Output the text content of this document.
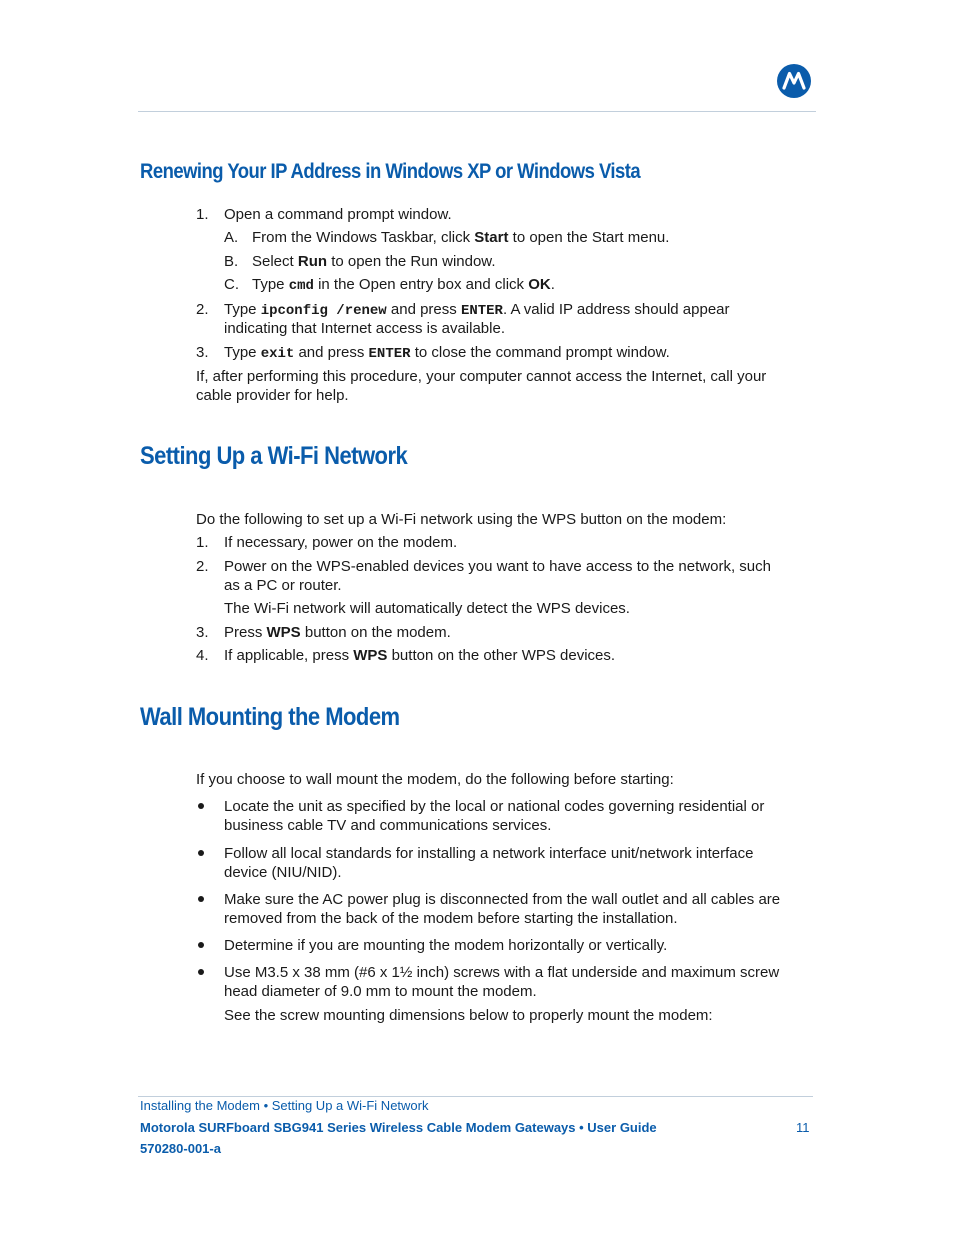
Renewing Your IP Address in Windows XP or Windows Vista
1. Open a command prompt window.

A. From the Windows Taskbar, click Start to open the Start menu.

B. Select Run to open the Run window.

C. Type cmd in the Open entry box and click OK.

2. Type ipconfig /renew and press ENTER. A valid IP address should appear

indicating that Internet access is available.

3. Type exit and press ENTER to close the command prompt window.

If, after performing this procedure, your computer cannot access the Internet, call your

cable provider for help.

Setting Up a Wi-Fi Network

Do the following to set up a Wi-Fi network using the WPS button on the modem:

1. If necessary, power on the modem.

2. Power on the WPS-enabled devices you want to have access to the network, such

as a PC or router.

The Wi-Fi network will automatically detect the WPS devices.

3. Press WPS button on the modem.

4. If applicable, press WPS button on the other WPS devices.

Wall Mounting the Modem

If you choose to wall mount the modem, do the following before starting:

Locate the unit as specified by the local or national codes governing residential or

business cable TV and communications services.

Follow all local standards for installing a network interface unit/network interface

device (NIU/NID).

Make sure the AC power plug is disconnected from the wall outlet and all cables are

removed from the back of the modem before starting the installation.

Determine if you are mounting the modem horizontally or vertically.

Use M3.5 x 38 mm (#6 x 1½ inch) screws with a flat underside and maximum screw

head diameter of 9.0 mm to mount the modem.

See the screw mounting dimensions below to properly mount the modem:

Installing the Modem • Setting Up a Wi-Fi Network
Motorola SURFboard SBG941 Series Wireless Cable Modem Gateways • User Guide
570280-001-a
11
